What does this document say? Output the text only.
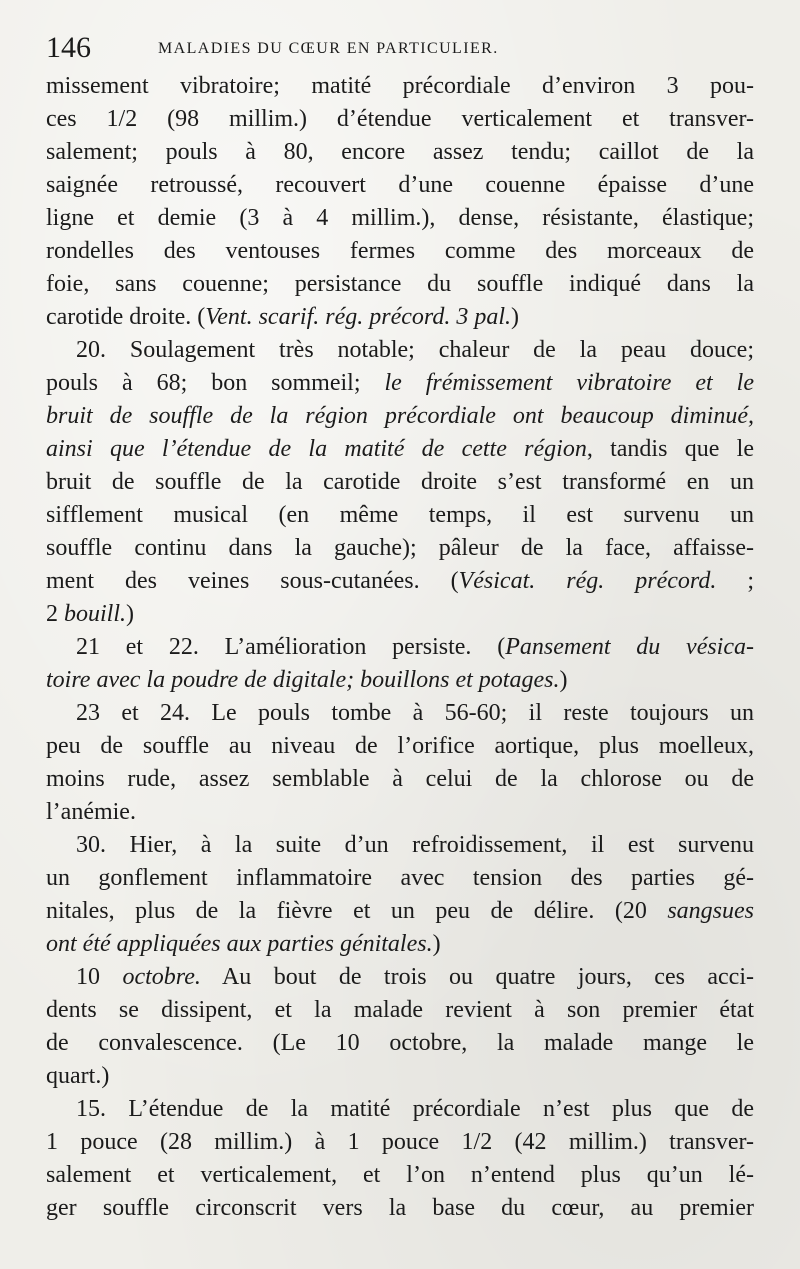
146	MALADIES DU CŒUR EN PARTICULIER.
missement vibratoire; matité précordiale d’environ 3 pou-
ces 1/2 (98 millim.) d’étendue verticalement et transver-
salement; pouls à 80, encore assez tendu; caillot de la
saignée retroussé, recouvert d’une couenne épaisse d’une
ligne et demie (3 à 4 millim.), dense, résistante, élastique;
rondelles des ventouses fermes comme des morceaux de
foie, sans couenne; persistance du souffle indiqué dans la
carotide droite. (Vent. scarif. rég. précord. 3 pal.)
20. Soulagement très notable; chaleur de la peau douce;
pouls à 68; bon sommeil; le frémissement vibratoire et le
bruit de souffle de la région précordiale ont beaucoup diminué,
ainsi que l’étendue de la matité de cette région, tandis que le
bruit de souffle de la carotide droite s’est transformé en un
sifflement musical (en même temps, il est survenu un
souffle continu dans la gauche); pâleur de la face, affaisse-
ment des veines sous-cutanées. (Vésicat. rég. précord. ;
2 bouill.)
21 et 22. L’amélioration persiste. (Pansement du vésica-
toire avec la poudre de digitale; bouillons et potages.)
23 et 24. Le pouls tombe à 56-60; il reste toujours un
peu de souffle au niveau de l’orifice aortique, plus moelleux,
moins rude, assez semblable à celui de la chlorose ou de
l’anémie.
30. Hier, à la suite d’un refroidissement, il est survenu
un gonflement inflammatoire avec tension des parties gé-
nitales, plus de la fièvre et un peu de délire. (20 sangsues
ont été appliquées aux parties génitales.)
10 octobre. Au bout de trois ou quatre jours, ces acci-
dents se dissipent, et la malade revient à son premier état
de convalescence. (Le 10 octobre, la malade mange le
quart.)
15. L’étendue de la matité précordiale n’est plus que de
1 pouce (28 millim.) à 1 pouce 1/2 (42 millim.) transver-
salement et verticalement, et l’on n’entend plus qu’un lé-
ger souffle circonscrit vers la base du cœur, au premier
